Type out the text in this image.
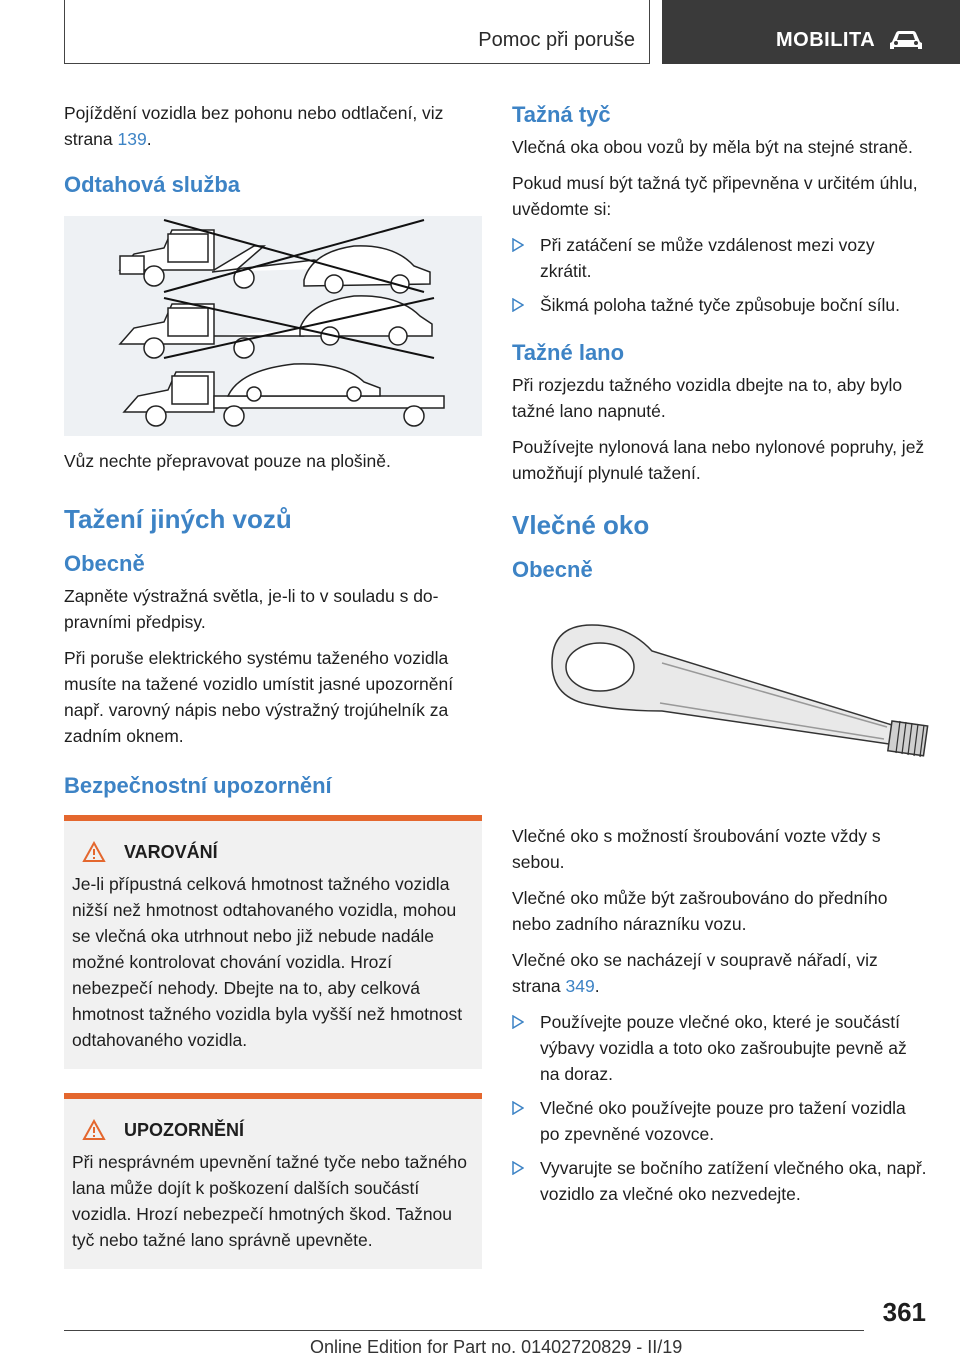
Pomoc při poruše	MOBILITA

Pojíždění vozidla bez pohonu nebo odtlačení, viz strana 139.

Odtahová služba

Vůz nechte přepravovat pouze na plošině.

Tažení jiných vozů
Obecně

Zapněte výstražná světla, je-li to v souladu s dopravními předpisy.

Při poruše elektrického systému taženého vozidla musíte na tažené vozidlo umístit jasné upozornění např. varovný nápis nebo výstražný trojúhelník za zadním oknem.

Bezpečnostní upozornění
VAROVÁNÍ
Je-li přípustná celková hmotnost tažného vozidla nižší než hmotnost odtahovaného vozidla, mohou se vlečná oka utrhnout nebo již nebude nadále možné kontrolovat chování vozidla. Hrozí nebezpečí nehody. Dbejte na to, aby celková hmotnost tažného vozidla byla vyšší než hmotnost odtahovaného vozidla.
UPOZORNĚNÍ
Při nesprávném upevnění tažné tyče nebo tažného lana může dojít k poškození dalších součástí vozidla. Hrozí nebezpečí hmotných škod. Tažnou tyč nebo tažné lano správně upevněte.
Tažná tyč

Vlečná oka obou vozů by měla být na stejné straně.

Pokud musí být tažná tyč připevněna v určitém úhlu, uvědomte si:

Při zatáčení se může vzdálenost mezi vozy zkrátit.
Šikmá poloha tažné tyče způsobuje boční sílu.
Tažné lano

Při rozjezdu tažného vozidla dbejte na to, aby bylo tažné lano napnuté.

Používejte nylonová lana nebo nylonové popruhy, jež umožňují plynulé tažení.

Vlečné oko
Obecně

Vlečné oko s možností šroubování vozte vždy s sebou.

Vlečné oko může být zašroubováno do předního nebo zadního nárazníku vozu.

Vlečné oko se nacházejí v soupravě nářadí, viz strana 349.

Používejte pouze vlečné oko, které je součástí výbavy vozidla a toto oko zašroubujte pevně až na doraz.
Vlečné oko používejte pouze pro tažení vozidla po zpevněné vozovce.
Vyvarujte se bočního zatížení vlečného oka, např. vozidlo za vlečné oko nezvedejte.
361
Online Edition for Part no. 01402720829 - II/19
